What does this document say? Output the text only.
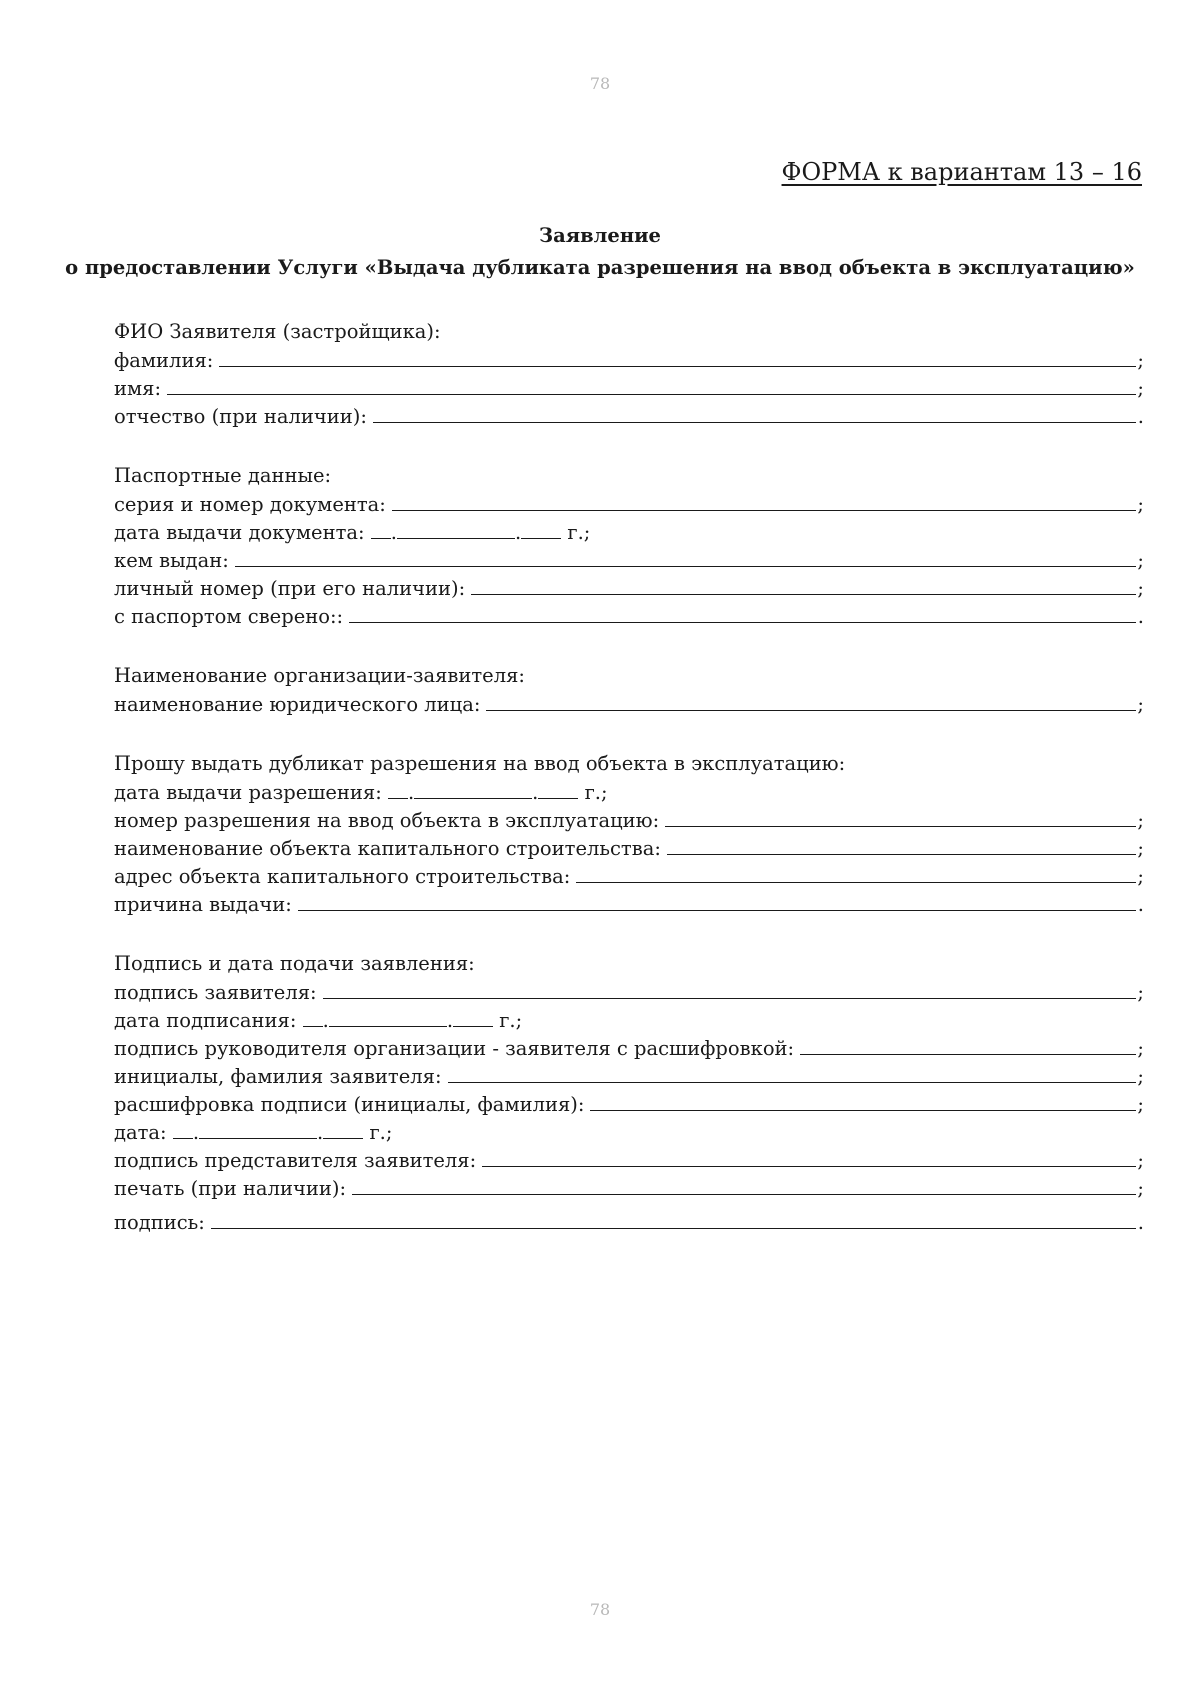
78
ФОРМА к вариантам 13 – 16
Заявление
о предоставлении Услуги «Выдача дубликата разрешения на ввод объекта в эксплуатацию»
ФИО Заявителя (застройщика):
фамилия:	;
имя:	;
отчество (при наличии):	.
Паспортные данные:
серия и номер документа:	;
дата выдачи документа: .	. г.;
кем выдан:	;
личный номер (при его наличии):	;
с паспортом сверено::	.
Наименование организации-заявителя:
наименование юридического лица:	;
Прошу выдать дубликат разрешения на ввод объекта в эксплуатацию:
дата выдачи разрешения: .	. г.;
номер разрешения на ввод объекта в эксплуатацию:	;
наименование объекта капитального строительства:	;
адрес объекта капитального строительства:	;
причина выдачи:	.
Подпись и дата подачи заявления:
подпись заявителя:	;
дата подписания: .	. г.;
подпись руководителя организации - заявителя с расшифровкой:	;
инициалы, фамилия заявителя:	;
расшифровка подписи (инициалы, фамилия):	;
дата: .	. г.;
подпись представителя заявителя:	;
печать (при наличии):	;
подпись:	.
78
